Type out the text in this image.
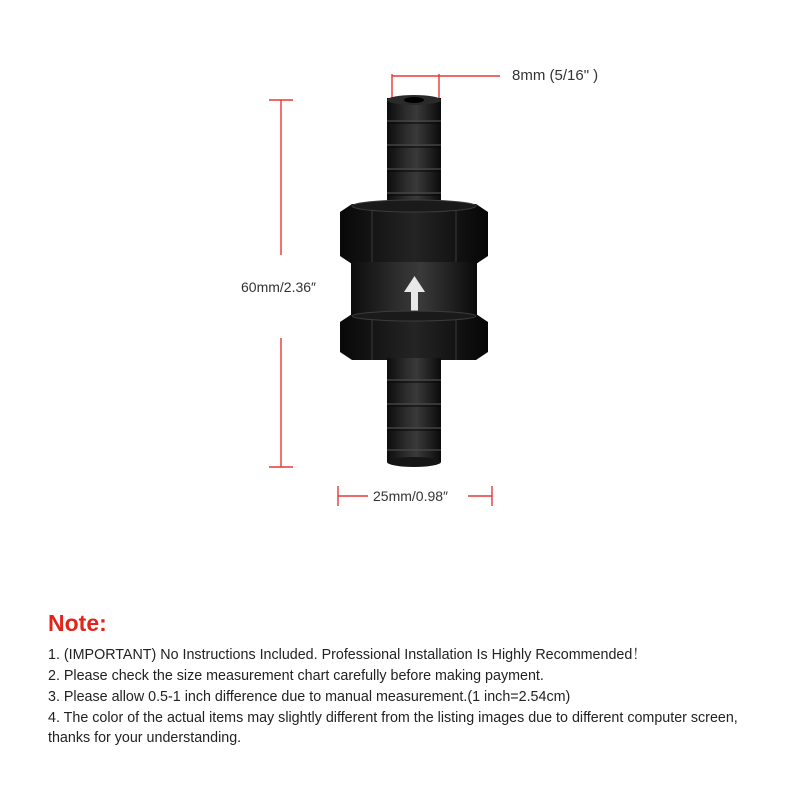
8mm (5/16" )
60mm/2.36″
25mm/0.98″
Note:
1. (IMPORTANT) No Instructions Included. Professional Installation Is Highly Recommended！
2. Please check the size measurement chart carefully before making payment.
3. Please allow 0.5-1 inch difference due to manual measurement.(1 inch=2.54cm)
4. The color of the actual items may slightly different from the listing images due to different computer screen, thanks for your understanding.
